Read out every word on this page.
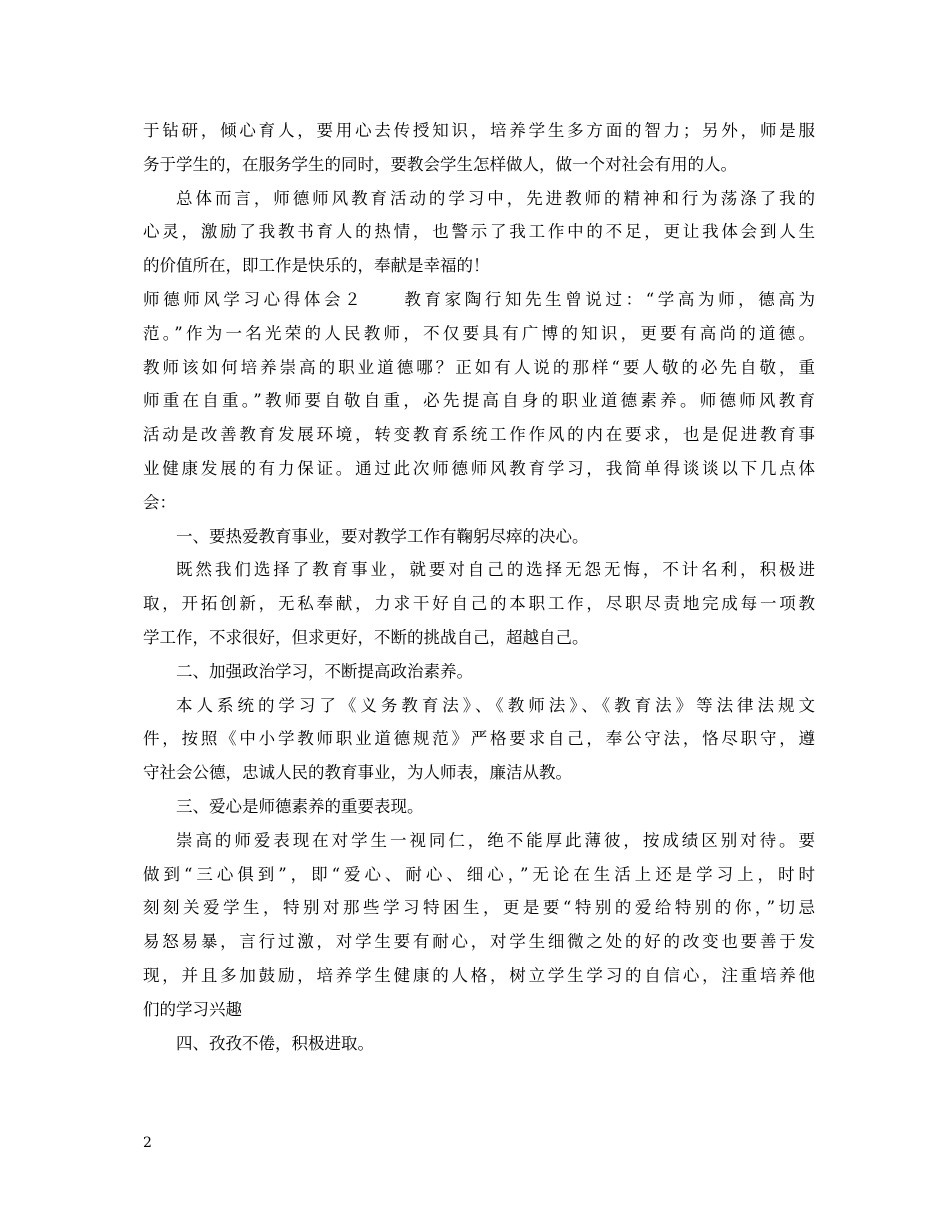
于钻研，倾心育人，要用心去传授知识，培养学生多方面的智力；另外，师是服
务于学生的，在服务学生的同时，要教会学生怎样做人，做一个对社会有用的人。
总体而言，师德师风教育活动的学习中，先进教师的精神和行为荡涤了我的
心灵，激励了我教书育人的热情，也警示了我工作中的不足，更让我体会到人生
的价值所在，即工作是快乐的，奉献是幸福的！
师德师风学习心得体会２　　教育家陶行知先生曾说过：“学高为师，德高为
范。”作为一名光荣的人民教师，不仅要具有广博的知识，更要有高尚的道德。
教师该如何培养崇高的职业道德哪？正如有人说的那样“要人敬的必先自敬，重
师重在自重。”教师要自敬自重，必先提高自身的职业道德素养。师德师风教育
活动是改善教育发展环境，转变教育系统工作作风的内在要求，也是促进教育事
业健康发展的有力保证。通过此次师德师风教育学习，我简单得谈谈以下几点体
会：
一、要热爱教育事业，要对教学工作有鞠躬尽瘁的决心。
既然我们选择了教育事业，就要对自己的选择无怨无悔，不计名利，积极进
取，开拓创新，无私奉献，力求干好自己的本职工作，尽职尽责地完成每一项教
学工作，不求很好，但求更好，不断的挑战自己，超越自己。
二、加强政治学习，不断提高政治素养。
本人系统的学习了《义务教育法》、《教师法》、《教育法》等法律法规文
件，按照《中小学教师职业道德规范》严格要求自己，奉公守法，恪尽职守，遵
守社会公德，忠诚人民的教育事业，为人师表，廉洁从教。
三、爱心是师德素养的重要表现。
崇高的师爱表现在对学生一视同仁，绝不能厚此薄彼，按成绩区别对待。要
做到“三心俱到”，即“爱心、耐心、细心，”无论在生活上还是学习上，时时
刻刻关爱学生，特别对那些学习特困生，更是要“特别的爱给特别的你，”切忌
易怒易暴，言行过激，对学生要有耐心，对学生细微之处的好的改变也要善于发
现，并且多加鼓励，培养学生健康的人格，树立学生学习的自信心，注重培养他
们的学习兴趣
四、孜孜不倦，积极进取。
2
